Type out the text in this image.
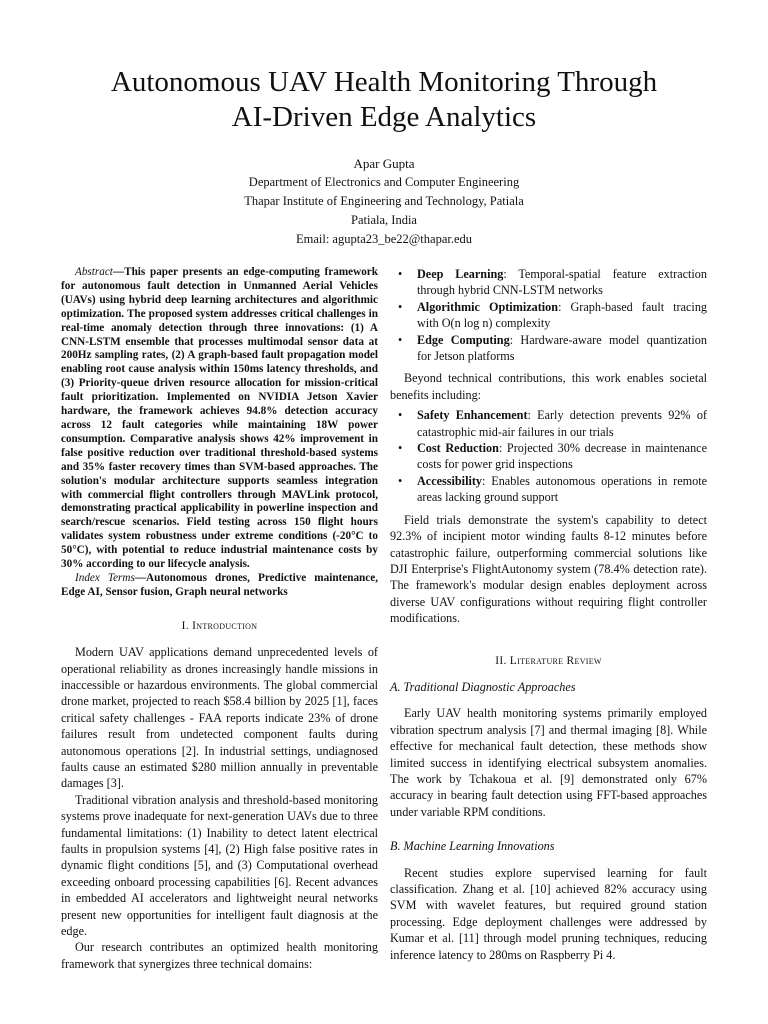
Autonomous UAV Health Monitoring Through
AI-Driven Edge Analytics
Apar Gupta
Department of Electronics and Computer Engineering
Thapar Institute of Engineering and Technology, Patiala
Patiala, India
Email: agupta23_be22@thapar.edu

Abstract—This paper presents an edge-computing framework for autonomous fault detection in Unmanned Aerial Vehicles (UAVs) using hybrid deep learning architectures and algorithmic optimization. The proposed system addresses critical challenges in real-time anomaly detection through three innovations: (1) A CNN-LSTM ensemble that processes multimodal sensor data at 200Hz sampling rates, (2) A graph-based fault propagation model enabling root cause analysis within 150ms latency thresholds, and (3) Priority-queue driven resource allocation for mission-critical fault prioritization. Implemented on NVIDIA Jetson Xavier hardware, the framework achieves 94.8% detection accuracy across 12 fault categories while maintaining 18W power consumption. Comparative analysis shows 42% improvement in false positive reduction over traditional threshold-based systems and 35% faster recovery times than SVM-based approaches. The solution's modular architecture supports seamless integration with commercial flight controllers through MAVLink protocol, demonstrating practical applicability in powerline inspection and search/rescue scenarios. Field testing across 150 flight hours validates system robustness under extreme conditions (-20°C to 50°C), with potential to reduce industrial maintenance costs by 30% according to our lifecycle analysis.

Index Terms—Autonomous drones, Predictive maintenance, Edge AI, Sensor fusion, Graph neural networks
I. Introduction

Modern UAV applications demand unprecedented levels of operational reliability as drones increasingly handle missions in inaccessible or hazardous environments. The global commercial drone market, projected to reach $58.4 billion by 2025 [1], faces critical safety challenges - FAA reports indicate 23% of drone failures result from undetected component faults during autonomous operations [2]. In industrial settings, undiagnosed faults cause an estimated $280 million annually in preventable damages [3].

Traditional vibration analysis and threshold-based monitoring systems prove inadequate for next-generation UAVs due to three fundamental limitations: (1) Inability to detect latent electrical faults in propulsion systems [4], (2) High false positive rates in dynamic flight conditions [5], and (3) Computational overhead exceeding onboard processing capabilities [6]. Recent advances in embedded AI accelerators and lightweight neural networks present new opportunities for intelligent fault diagnosis at the edge.

Our research contributes an optimized health monitoring framework that synergizes three technical domains:

• Deep Learning: Temporal-spatial feature extraction through hybrid CNN-LSTM networks
• Algorithmic Optimization: Graph-based fault tracing with O(n log n) complexity
• Edge Computing: Hardware-aware model quantization for Jetson platforms

Beyond technical contributions, this work enables societal benefits including:

• Safety Enhancement: Early detection prevents 92% of catastrophic mid-air failures in our trials
• Cost Reduction: Projected 30% decrease in maintenance costs for power grid inspections
• Accessibility: Enables autonomous operations in remote areas lacking ground support

Field trials demonstrate the system's capability to detect 92.3% of incipient motor winding faults 8-12 minutes before catastrophic failure, outperforming commercial solutions like DJI Enterprise's FlightAutonomy system (78.4% detection rate). The framework's modular design enables deployment across diverse UAV configurations without requiring flight controller modifications.

II. Literature Review
A. Traditional Diagnostic Approaches

Early UAV health monitoring systems primarily employed vibration spectrum analysis [7] and thermal imaging [8]. While effective for mechanical fault detection, these methods show limited success in identifying electrical subsystem anomalies. The work by Tchakoua et al. [9] demonstrated only 67% accuracy in bearing fault detection using FFT-based approaches under variable RPM conditions.

B. Machine Learning Innovations

Recent studies explore supervised learning for fault classification. Zhang et al. [10] achieved 82% accuracy using SVM with wavelet features, but required ground station processing. Edge deployment challenges were addressed by Kumar et al. [11] through model pruning techniques, reducing inference latency to 280ms on Raspberry Pi 4.
